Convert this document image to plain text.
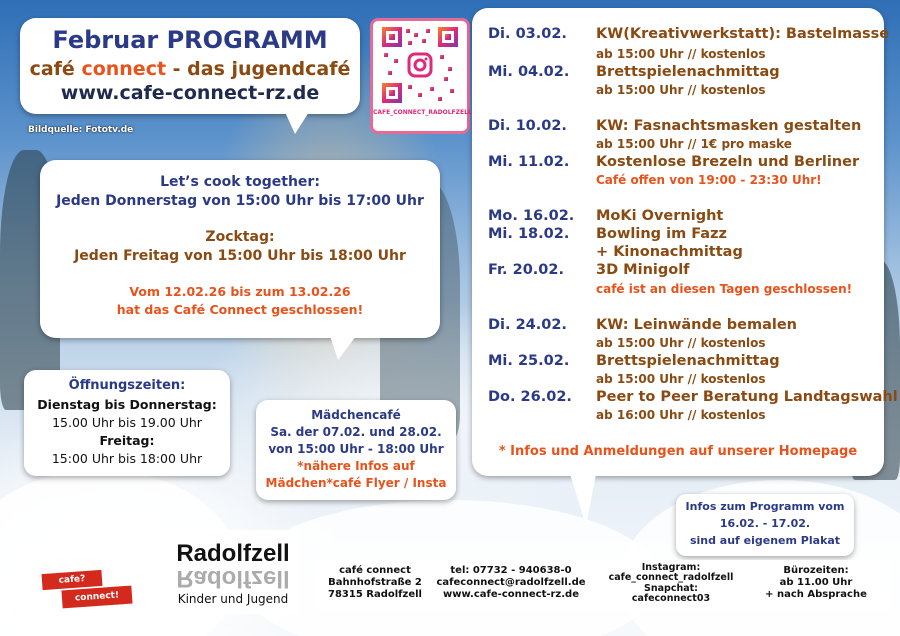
Februar PROGRAMM
café connect - das jugendcafé
www.cafe-connect-rz.de
Bildquelle: Fototv.de
CAFE_CONNECT_RADOLFZELL
Let’s cook together:
Jeden Donnerstag von 15:00 Uhr bis 17:00 Uhr
Zocktag:
Jeden Freitag von 15:00 Uhr bis 18:00 Uhr
Vom 12.02.26 bis zum 13.02.26
hat das Café Connect geschlossen!
Öffnungszeiten:
Dienstag bis Donnerstag:
15.00 Uhr bis 19.00 Uhr
Freitag:
15:00 Uhr bis 18:00 Uhr
Mädchencafé
Sa. der 07.02. und 28.02.
von 15:00 Uhr - 18:00 Uhr
*nähere Infos auf
Mädchen*café Flyer / Insta
Di. 03.02. KW(Kreativwerkstatt): Bastelmasse
ab 15:00 Uhr // kostenlos
Mi. 04.02. Brettspielenachmittag
ab 15:00 Uhr // kostenlos
Di. 10.02. KW: Fasnachtsmasken gestalten
ab 15:00 Uhr // 1€ pro maske
Mi. 11.02. Kostenlose Brezeln und Berliner
Café offen von 19:00 - 23:30 Uhr!
Mo. 16.02. MoKi Overnight
Mi. 18.02. Bowling im Fazz
+ Kinonachmittag
Fr. 20.02. 3D Minigolf
café ist an diesen Tagen geschlossen!
Di. 24.02. KW: Leinwände bemalen
ab 15:00 Uhr // kostenlos
Mi. 25.02. Brettspielenachmittag
ab 15:00 Uhr // kostenlos
Do. 26.02. Peer to Peer Beratung Landtagswahl
ab 16:00 Uhr // kostenlos
* Infos und Anmeldungen auf unserer Homepage
Infos zum Programm vom
16.02. - 17.02.
sind auf eigenem Plakat
cafe?
connect!
Radolfzell
Radolfzell
Kinder und Jugend
café connect
Bahnhofstraße 2
78315 Radolfzell
tel: 07732 - 940638-0
cafeconnect@radolfzell.de
www.cafe-connect-rz.de
Instagram:
cafe_connect_radolfzell
Snapchat:
cafeconnect03
Bürozeiten:
ab 11.00 Uhr
+ nach Absprache
